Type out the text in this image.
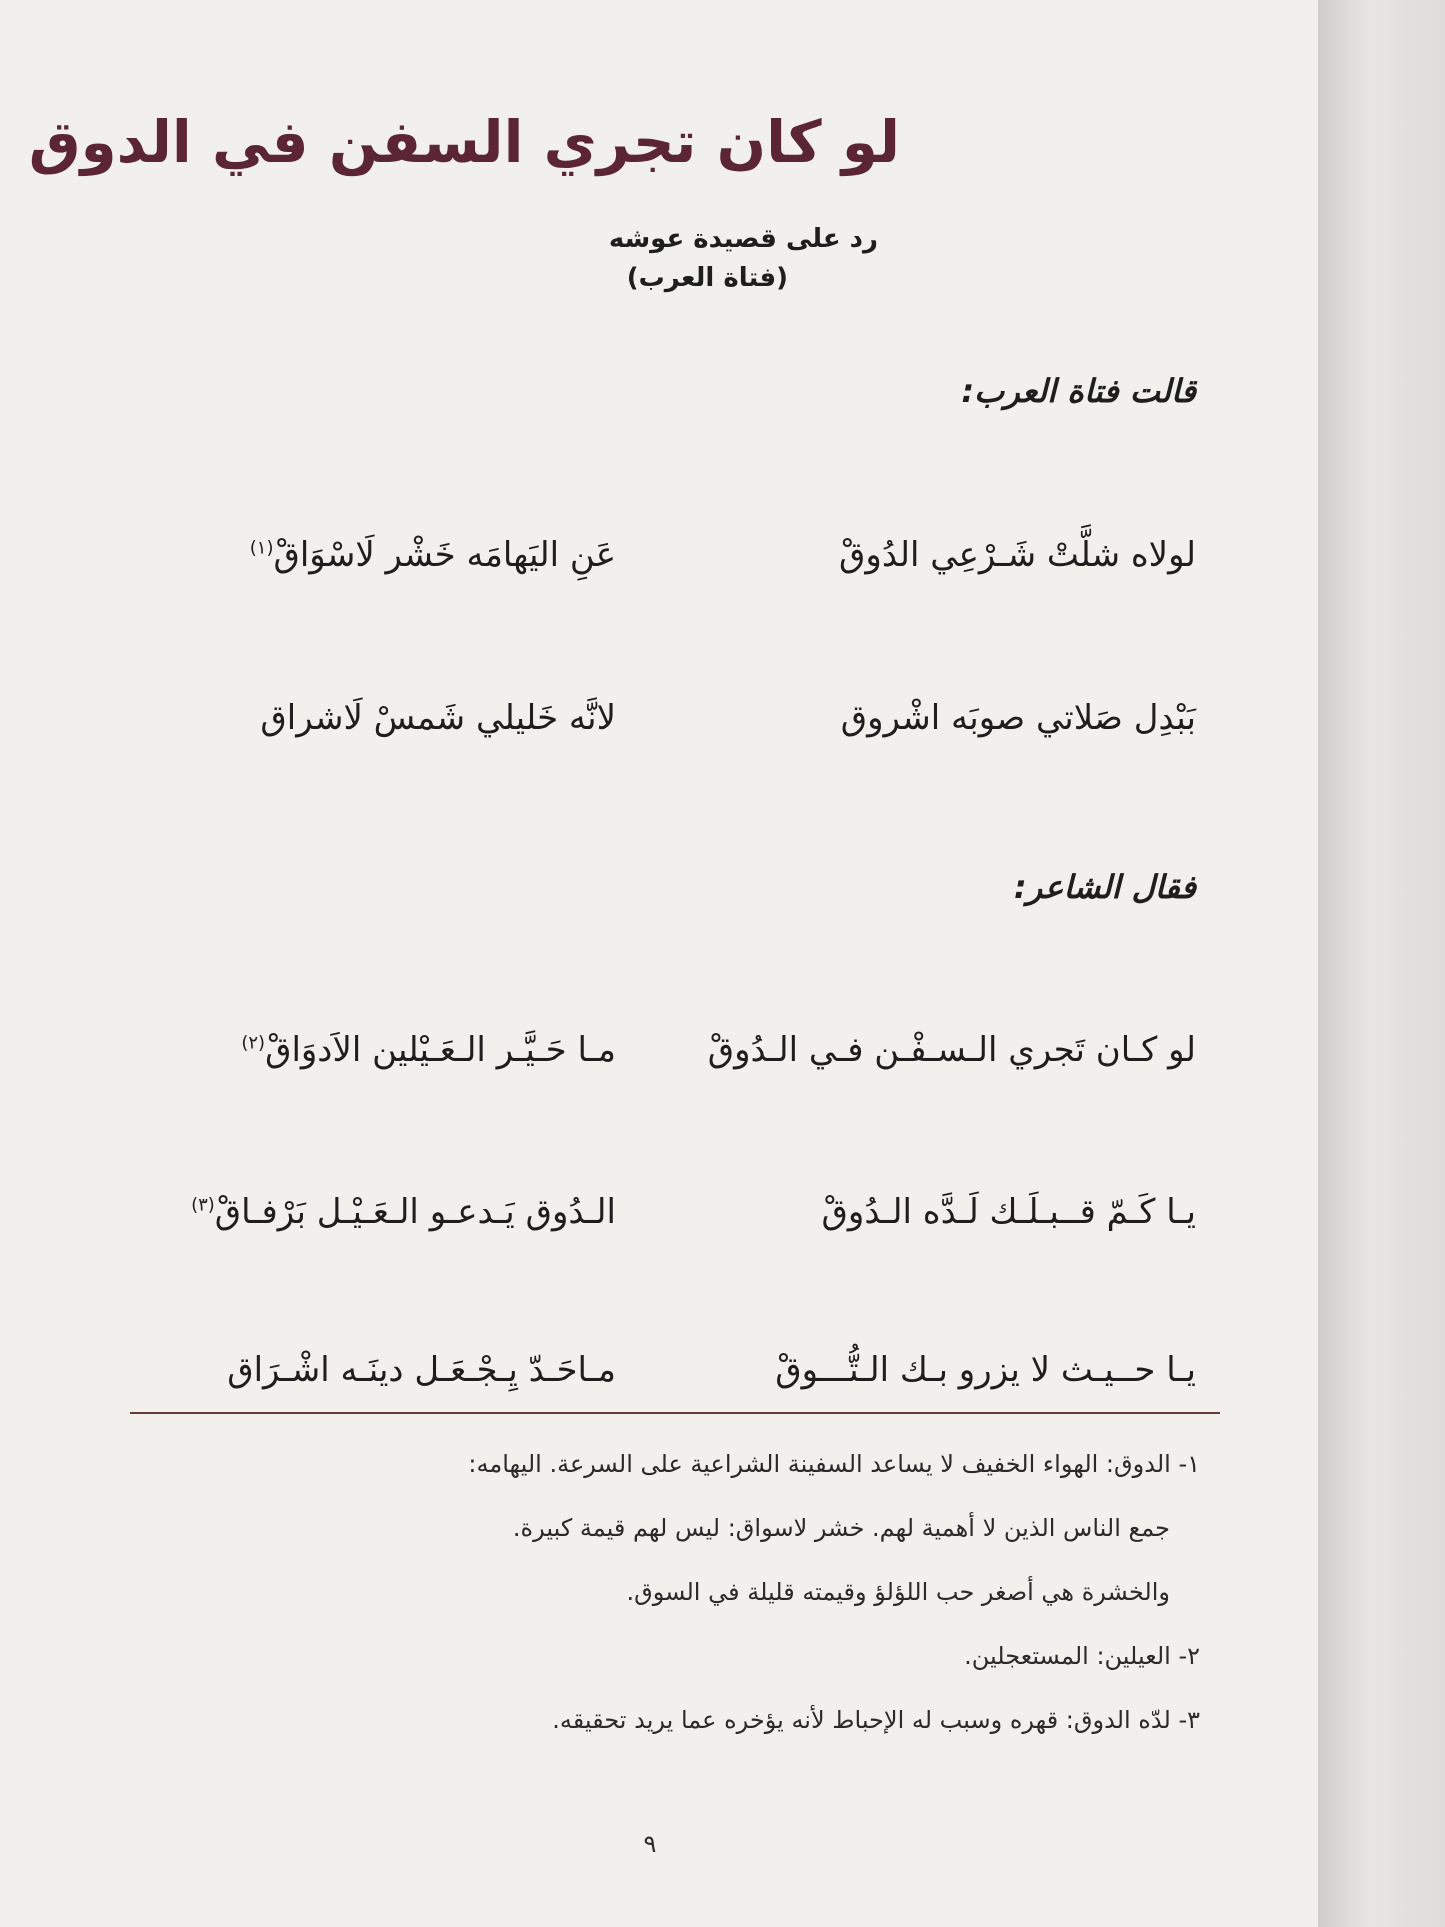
لو كان تجري السفن في الدوق
رد على قصيدة عوشه
(فتاة العرب)
قالت فتاة العرب:
لولاه شلَّتْ شَـرْعِي الدُوقْ
عَنِ اليَهامَه خَشْر لَاسْوَاقْ$^{(١)}$
بَبْدِل صَلاتي صوبَه اشْروق
لانَّه خَليلي شَمسْ لَاشراق
فقال الشاعر:
لو كـان تَجري الـسـفْـن فـي الـدُوقْ
مـا حَـيَّـر الـعَـيْلين الاَدوَاقْ$^{(٢)}$
يـا كَـمّ قــبـلَـك لَـدَّه الـدُوقْ
الـدُوق يَـدعـو الـعَـيْـل بَرْفـاقْ$^{(٣)}$
يـا حــيـث لا يزرو بـك الـتُّـــوقْ
مـاحَـدّ يِـجْـعَـل دينَـه اشْـرَاق
١- الدوق: الهواء الخفيف لا يساعد السفينة الشراعية على السرعة. اليهامه:
جمع الناس الذين لا أهمية لهم. خشر لاسواق: ليس لهم قيمة كبيرة.
والخشرة هي أصغر حب اللؤلؤ وقيمته قليلة في السوق.
٢- العيلين: المستعجلين.
٣- لدّه الدوق: قهره وسبب له الإحباط لأنه يؤخره عما يريد تحقيقه.
٩
